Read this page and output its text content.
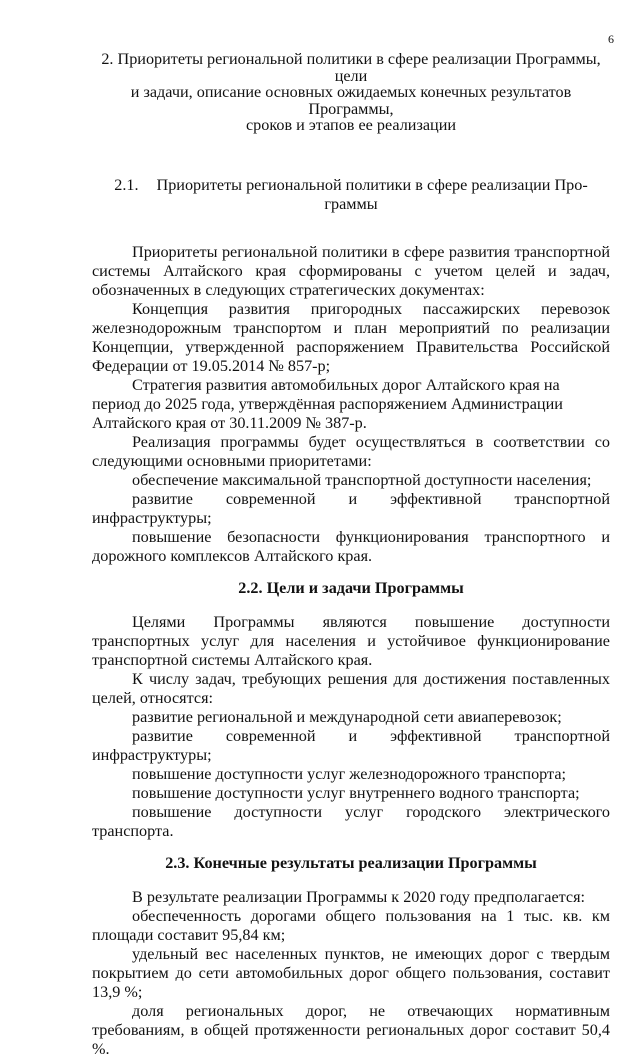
6
2. Приоритеты региональной политики в сфере реализации Программы, цели
и задачи, описание основных ожидаемых конечных результатов Программы,
сроков и этапов ее реализации
2.1. Приоритеты региональной политики в сфере реализации Про-
граммы

Приоритеты региональной политики в сфере развития транспортной системы Алтайского края сформированы с учетом целей и задач, обозначенных в следующих стратегических документах:

Концепция развития пригородных пассажирских перевозок железнодорожным транспортом и план мероприятий по реализации Концепции, утвержденной распоряжением Правительства Российской Федерации от 19.05.2014 № 857-р;

Стратегия развития автомобильных дорог Алтайского края на период до 2025 года, утверждённая распоряжением Администрации Алтайского края от 30.11.2009 № 387-р.

Реализация программы будет осуществляться в соответствии со следующими основными приоритетами:

обеспечение максимальной транспортной доступности населения;

развитие современной и эффективной транспортной инфраструктуры;

повышение безопасности функционирования транспортного и дорожного комплексов Алтайского края.

2.2. Цели и задачи Программы

Целями Программы являются повышение доступности транспортных услуг для населения и устойчивое функционирование транспортной системы Алтайского края.

К числу задач, требующих решения для достижения поставленных целей, относятся:

развитие региональной и международной сети авиаперевозок;

развитие современной и эффективной транспортной инфраструктуры;

повышение доступности услуг железнодорожного транспорта;

повышение доступности услуг внутреннего водного транспорта;

повышение доступности услуг городского электрического транспорта.

2.3. Конечные результаты реализации Программы

В результате реализации Программы к 2020 году предполагается:

обеспеченность дорогами общего пользования на 1 тыс. кв. км площади составит 95,84 км;

удельный вес населенных пунктов, не имеющих дорог с твердым покрытием до сети автомобильных дорог общего пользования, составит 13,9 %;

доля региональных дорог, не отвечающих нормативным требованиям, в общей протяженности региональных дорог составит 50,4 %.
